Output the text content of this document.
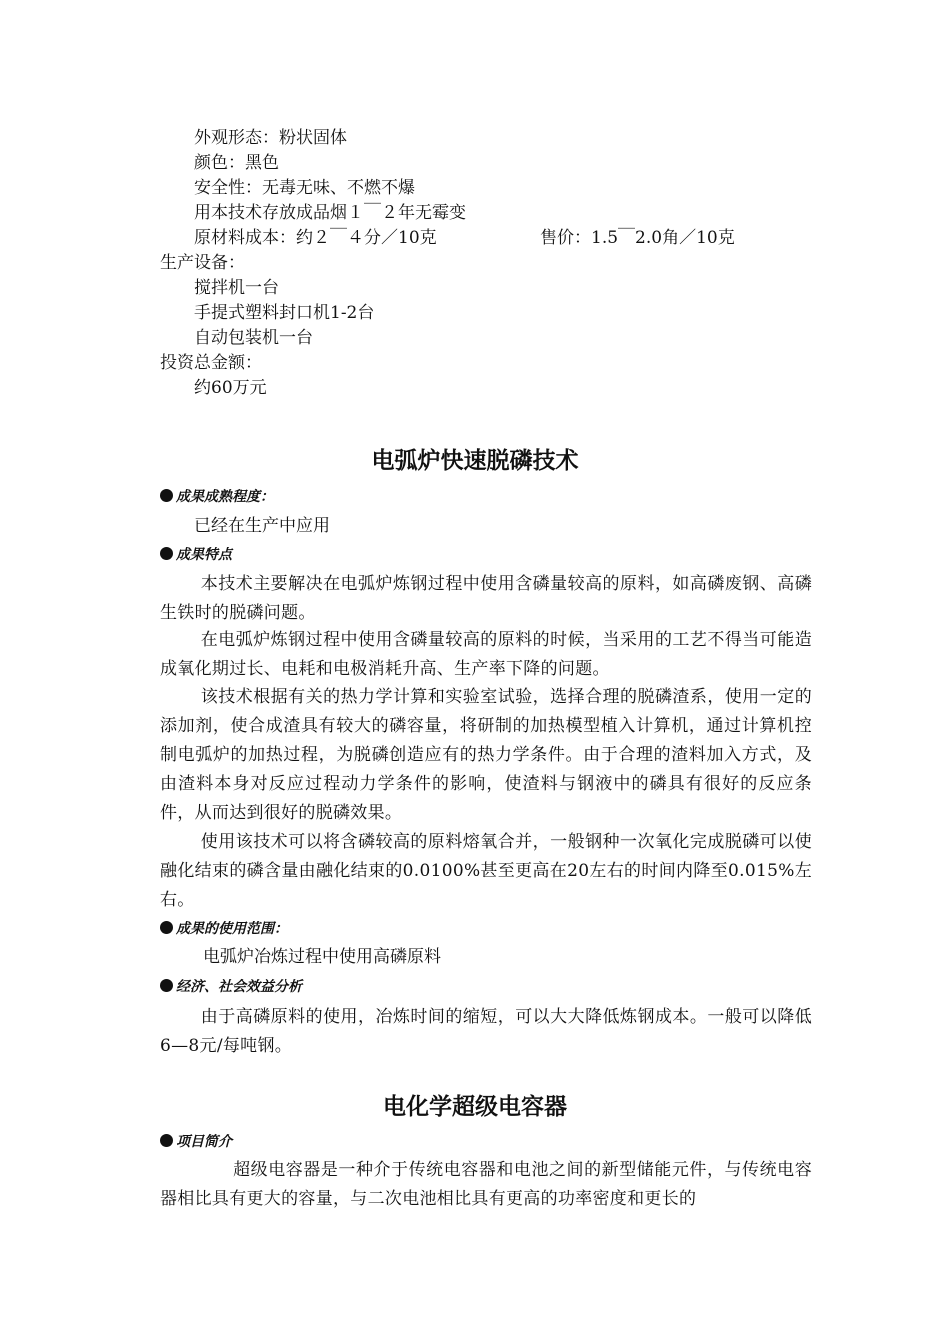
外观形态：粉状固体
颜色：黑色
安全性：无毒无味、不燃不爆
用本技术存放成品烟１￣２年无霉变
原材料成本：约２￣４分／10克	售价：1.5￣2.0角／10克
生产设备：
搅拌机一台
手提式塑料封口机1-2台
自动包装机一台
投资总金额：
约60万元
电弧炉快速脱磷技术
成果成熟程度：
已经在生产中应用
成果特点
本技术主要解决在电弧炉炼钢过程中使用含磷量较高的原料，如高磷废钢、高磷生铁时的脱磷问题。
在电弧炉炼钢过程中使用含磷量较高的原料的时候，当采用的工艺不得当可能造成氧化期过长、电耗和电极消耗升高、生产率下降的问题。
该技术根据有关的热力学计算和实验室试验，选择合理的脱磷渣系，使用一定的添加剂，使合成渣具有较大的磷容量，将研制的加热模型植入计算机，通过计算机控制电弧炉的加热过程，为脱磷创造应有的热力学条件。由于合理的渣料加入方式，及由渣料本身对反应过程动力学条件的影响，使渣料与钢液中的磷具有很好的反应条件，从而达到很好的脱磷效果。
使用该技术可以将含磷较高的原料熔氧合并，一般钢种一次氧化完成脱磷可以使融化结束的磷含量由融化结束的0.0100%甚至更高在20左右的时间内降至0.015%左右。
成果的使用范围：
电弧炉冶炼过程中使用高磷原料
经济、社会效益分析
由于高磷原料的使用，冶炼时间的缩短，可以大大降低炼钢成本。一般可以降低6—8元/每吨钢。
电化学超级电容器
项目简介
超级电容器是一种介于传统电容器和电池之间的新型储能元件，与传统电容器相比具有更大的容量，与二次电池相比具有更高的功率密度和更长的
